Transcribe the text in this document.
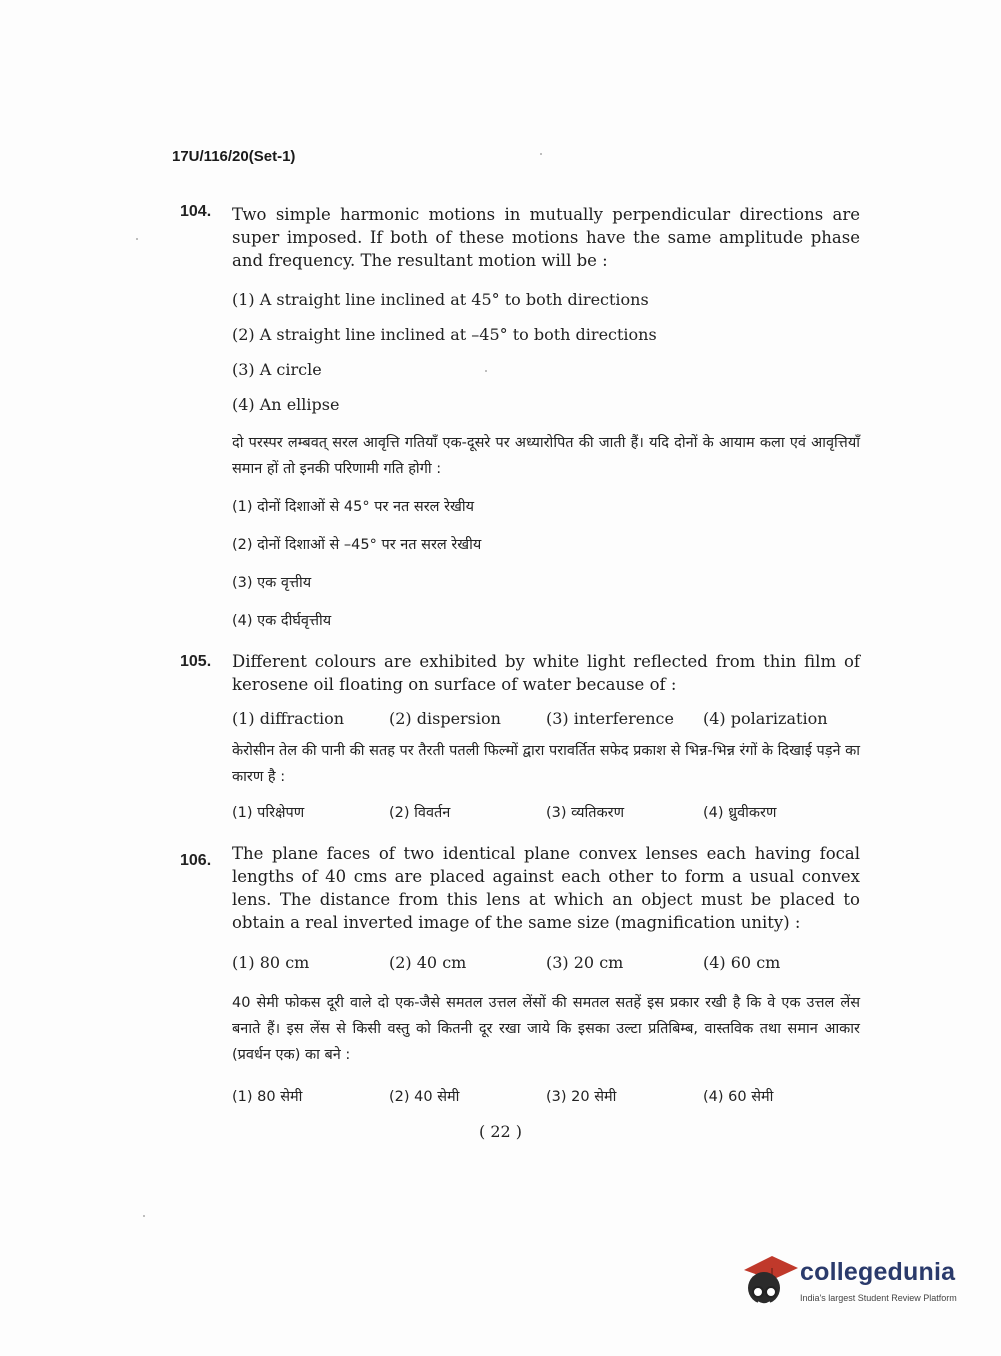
17U/116/20(Set-1)
104. Two simple harmonic motions in mutually perpendicular directions are super imposed. If both of these motions have the same amplitude phase and frequency. The resultant motion will be :
(1) A straight line inclined at 45° to both directions
(2) A straight line inclined at –45° to both directions
(3) A circle
(4) An ellipse
दो परस्पर लम्बवत् सरल आवृत्ति गतियाँ एक-दूसरे पर अध्यारोपित की जाती हैं। यदि दोनों के आयाम कला एवं आवृत्तियाँ समान हों तो इनकी परिणामी गति होगी :
(1) दोनों दिशाओं से 45° पर नत सरल रेखीय
(2) दोनों दिशाओं से –45° पर नत सरल रेखीय
(3) एक वृत्तीय
(4) एक दीर्घवृत्तीय
105. Different colours are exhibited by white light reflected from thin film of kerosene oil floating on surface of water because of :
(1) diffraction	(2) dispersion	(3) interference	(4) polarization
केरोसीन तेल की पानी की सतह पर तैरती पतली फिल्मों द्वारा परावर्तित सफेद प्रकाश से भिन्न-भिन्न रंगों के दिखाई पड़ने का कारण है :
(1) परिक्षेपण	(2) विवर्तन	(3) व्यतिकरण	(4) ध्रुवीकरण
106. The plane faces of two identical plane convex lenses each having focal lengths of 40 cms are placed against each other to form a usual convex lens. The distance from this lens at which an object must be placed to obtain a real inverted image of the same size (magnification unity) :
(1) 80 cm	(2) 40 cm	(3) 20 cm	(4) 60 cm
40 सेमी फोकस दूरी वाले दो एक-जैसे समतल उत्तल लेंसों की समतल सतहें इस प्रकार रखी है कि वे एक उत्तल लेंस बनाते हैं। इस लेंस से किसी वस्तु को कितनी दूर रखा जाये कि इसका उल्टा प्रतिबिम्ब, वास्तविक तथा समान आकार (प्रवर्धन एक) का बने :
(1) 80 सेमी	(2) 40 सेमी	(3) 20 सेमी	(4) 60 सेमी
( 22 )
collegedunia
India's largest Student Review Platform
